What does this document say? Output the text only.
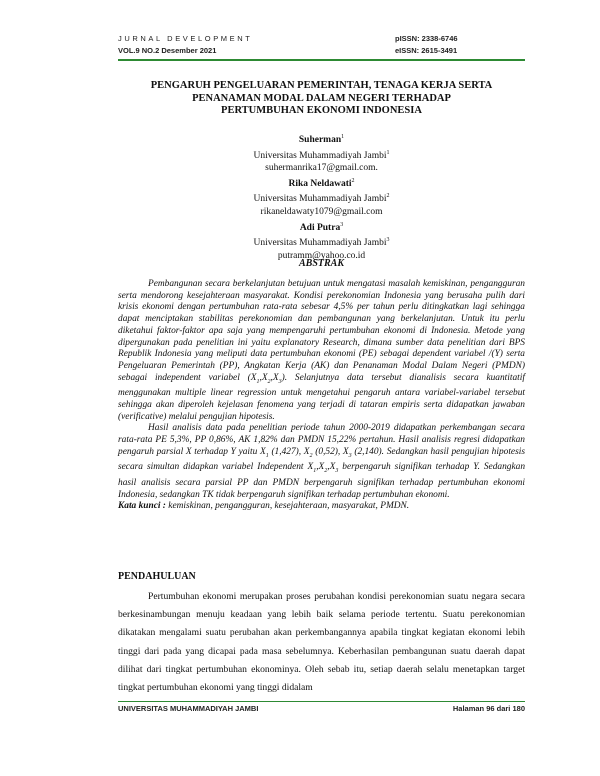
JURNAL DEVELOPMENT
VOL.9 NO.2 Desember 2021
pISSN: 2338-6746
eISSN: 2615-3491
PENGARUH PENGELUARAN PEMERINTAH, TENAGA KERJA SERTA
PENANAMAN MODAL DALAM NEGERI TERHADAP
PERTUMBUHAN EKONOMI INDONESIA
Suherman$^1$
Universitas Muhammadiyah Jambi$^1$
suhermanrika17@gmail.com.
Rika Neldawati$^2$
Universitas Muhammadiyah Jambi$^2$
rikaneldawaty1079@gmail.com
Adi Putra$^3$
Universitas Muhammadiyah Jambi$^3$
putramm@yahoo.co.id
ABSTRAK

Pembangunan secara berkelanjutan betujuan untuk mengatasi masalah kemiskinan, pengangguran serta mendorong kesejahteraan masyarakat. Kondisi perekonomian Indonesia yang berusaha pulih dari krisis ekonomi dengan pertumbuhan rata-rata sebesar 4,5% per tahun perlu ditingkatkan lagi sehingga dapat menciptakan stabilitas perekonomian dan pembangunan yang berkelanjutan. Untuk itu perlu diketahui faktor-faktor apa saja yang mempengaruhi pertumbuhan ekonomi di Indonesia. Metode yang dipergunakan pada penelitian ini yaitu explanatory Research, dimana sumber data penelitian dari BPS Republik Indonesia yang meliputi data pertumbuhan ekonomi (PE) sebagai dependent variabel /(Y) serta Pengeluaran Pemerintah (PP), Angkatan Kerja (AK) dan Penanaman Modal Dalam Negeri (PMDN) sebagai independent variabel $(X_1,X_2,X_3)$. Selanjutnya data tersebut dianalisis secara kuantitatif menggunakan multiple linear regression untuk mengetahui pengaruh antara variabel-variabel tersebut sehingga akan diperoleh kejelasan fenomena yang terjadi di tataran empiris serta didapatkan jawaban (verificative) melalui pengujian hipotesis.

Hasil analisis data pada penelitian periode tahun 2000-2019 didapatkan perkembangan secara rata-rata PE 5,3%, PP 0,86%, AK 1,82% dan PMDN 15,22% pertahun. Hasil analisis regresi didapatkan pengaruh parsial X terhadap Y yaitu $X_1$ (1,427), $X_2$ (0,52), $X_3$ (2,140). Sedangkan hasil pengujian hipotesis secara simultan didapkan variabel Independent $X_1,X_2,X_3$ berpengaruh signifikan terhadap Y. Sedangkan hasil analisis secara parsial PP dan PMDN berpengaruh signifikan terhadap pertumbuhan ekonomi Indonesia, sedangkan TK tidak berpengaruh signifikan terhadap pertumbuhan ekonomi.

Kata kunci : kemiskinan, pengangguran, kesejahteraan, masyarakat, PMDN.
PENDAHULUAN

Pertumbuhan ekonomi merupakan proses perubahan kondisi perekonomian suatu negara secara berkesinambungan menuju keadaan yang lebih baik selama periode tertentu. Suatu perekonomian dikatakan mengalami suatu perubahan akan perkembangannya apabila tingkat kegiatan ekonomi lebih tinggi dari pada yang dicapai pada masa sebelumnya. Keberhasilan pembangunan suatu daerah dapat dilihat dari tingkat pertumbuhan ekonominya. Oleh sebab itu, setiap daerah selalu menetapkan target tingkat pertumbuhan ekonomi yang tinggi didalam

UNIVERSITAS MUHAMMADIYAH JAMBI	Halaman 96 dari 180
